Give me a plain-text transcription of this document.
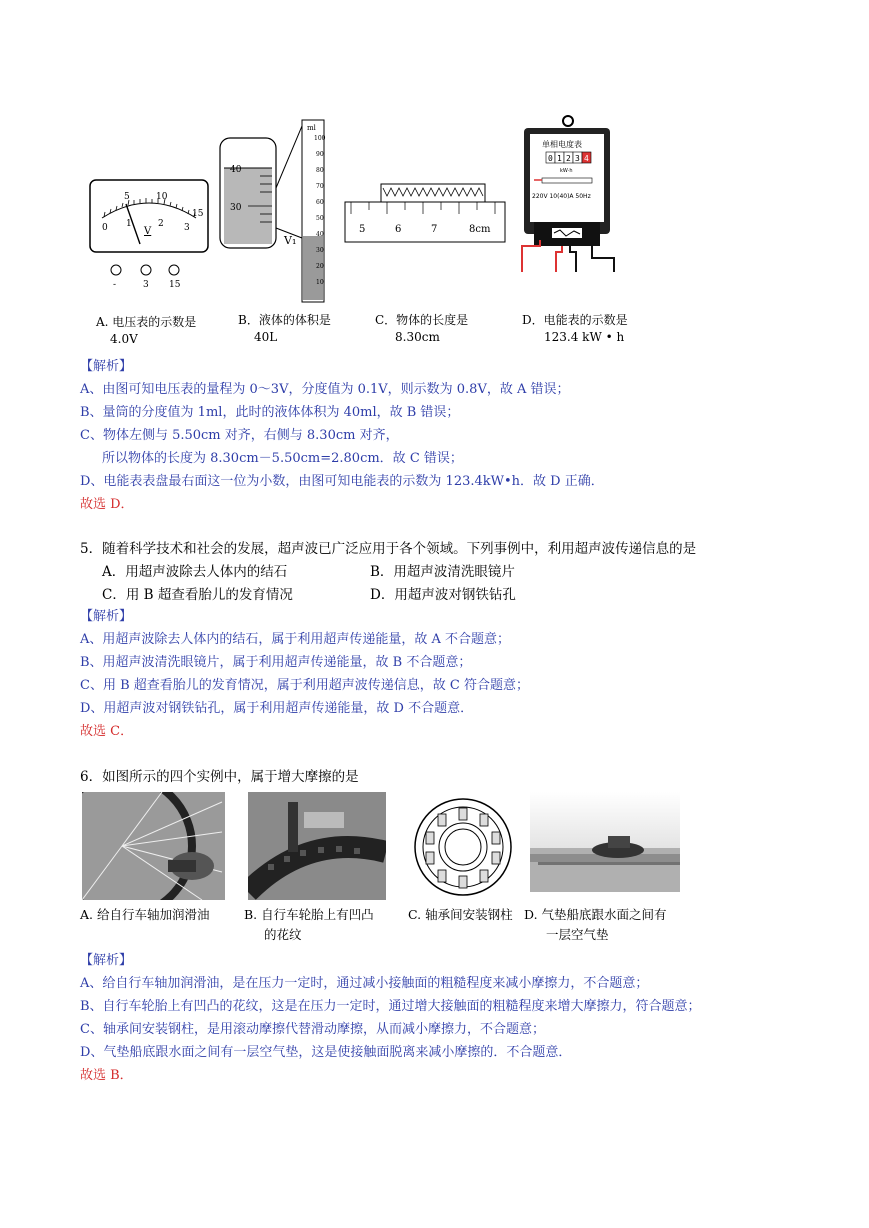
5	10
15
0 1	2 3
V
-	3 15
40
30
ml
100
90
80
70
60
50
40
30
20
10
V₁
5	6	7	8cm
单相电度表
0 1 2 3 4
kW·h
220V 10(40)A 50Hz
A. 电压表的示数是
4.0V
B．液体的体积是
40L
C．物体的长度是
8.30cm
D．电能表的示数是
123.4 kW • h
【解析】
A、由图可知电压表的量程为 0～3V，分度值为 0.1V，则示数为 0.8V，故 A 错误；
B、量筒的分度值为 1ml，此时的液体体积为 40ml，故 B 错误；
C、物体左侧与 5.50cm 对齐，右侧与 8.30cm 对齐，
所以物体的长度为 8.30cm－5.50cm=2.80cm．故 C 错误；
D、电能表表盘最右面这一位为小数，由图可知电能表的示数为 123.4kW•h．故 D 正确．
故选 D．
5．随着科学技术和社会的发展，超声波已广泛应用于各个领域。下列事例中，利用超声波传递信息的是
A．用超声波除去人体内的结石	B．用超声波清洗眼镜片
C．用 B 超查看胎儿的发育情况	D．用超声波对钢铁钻孔
【解析】
A、用超声波除去人体内的结石，属于利用超声传递能量，故 A 不合题意；
B、用超声波清洗眼镜片，属于利用超声传递能量，故 B 不合题意；
C、用 B 超查看胎儿的发育情况，属于利用超声波传递信息，故 C 符合题意；
D、用超声波对钢铁钻孔，属于利用超声传递能量，故 D 不合题意．
故选 C．
6．如图所示的四个实例中，属于增大摩擦的是
A. 给自行车轴加润滑油	B. 自行车轮胎上有凹凸
的花纹
C. 轴承间安装钢柱 D. 气垫船底跟水面之间有
一层空气垫
【解析】
A、给自行车轴加润滑油，是在压力一定时，通过减小接触面的粗糙程度来减小摩擦力，不合题意；
B、自行车轮胎上有凹凸的花纹，这是在压力一定时，通过增大接触面的粗糙程度来增大摩擦力，符合题意；
C、轴承间安装钢柱，是用滚动摩擦代替滑动摩擦，从而减小摩擦力，不合题意；
D、气垫船底跟水面之间有一层空气垫，这是使接触面脱离来减小摩擦的．不合题意．
故选 B．
